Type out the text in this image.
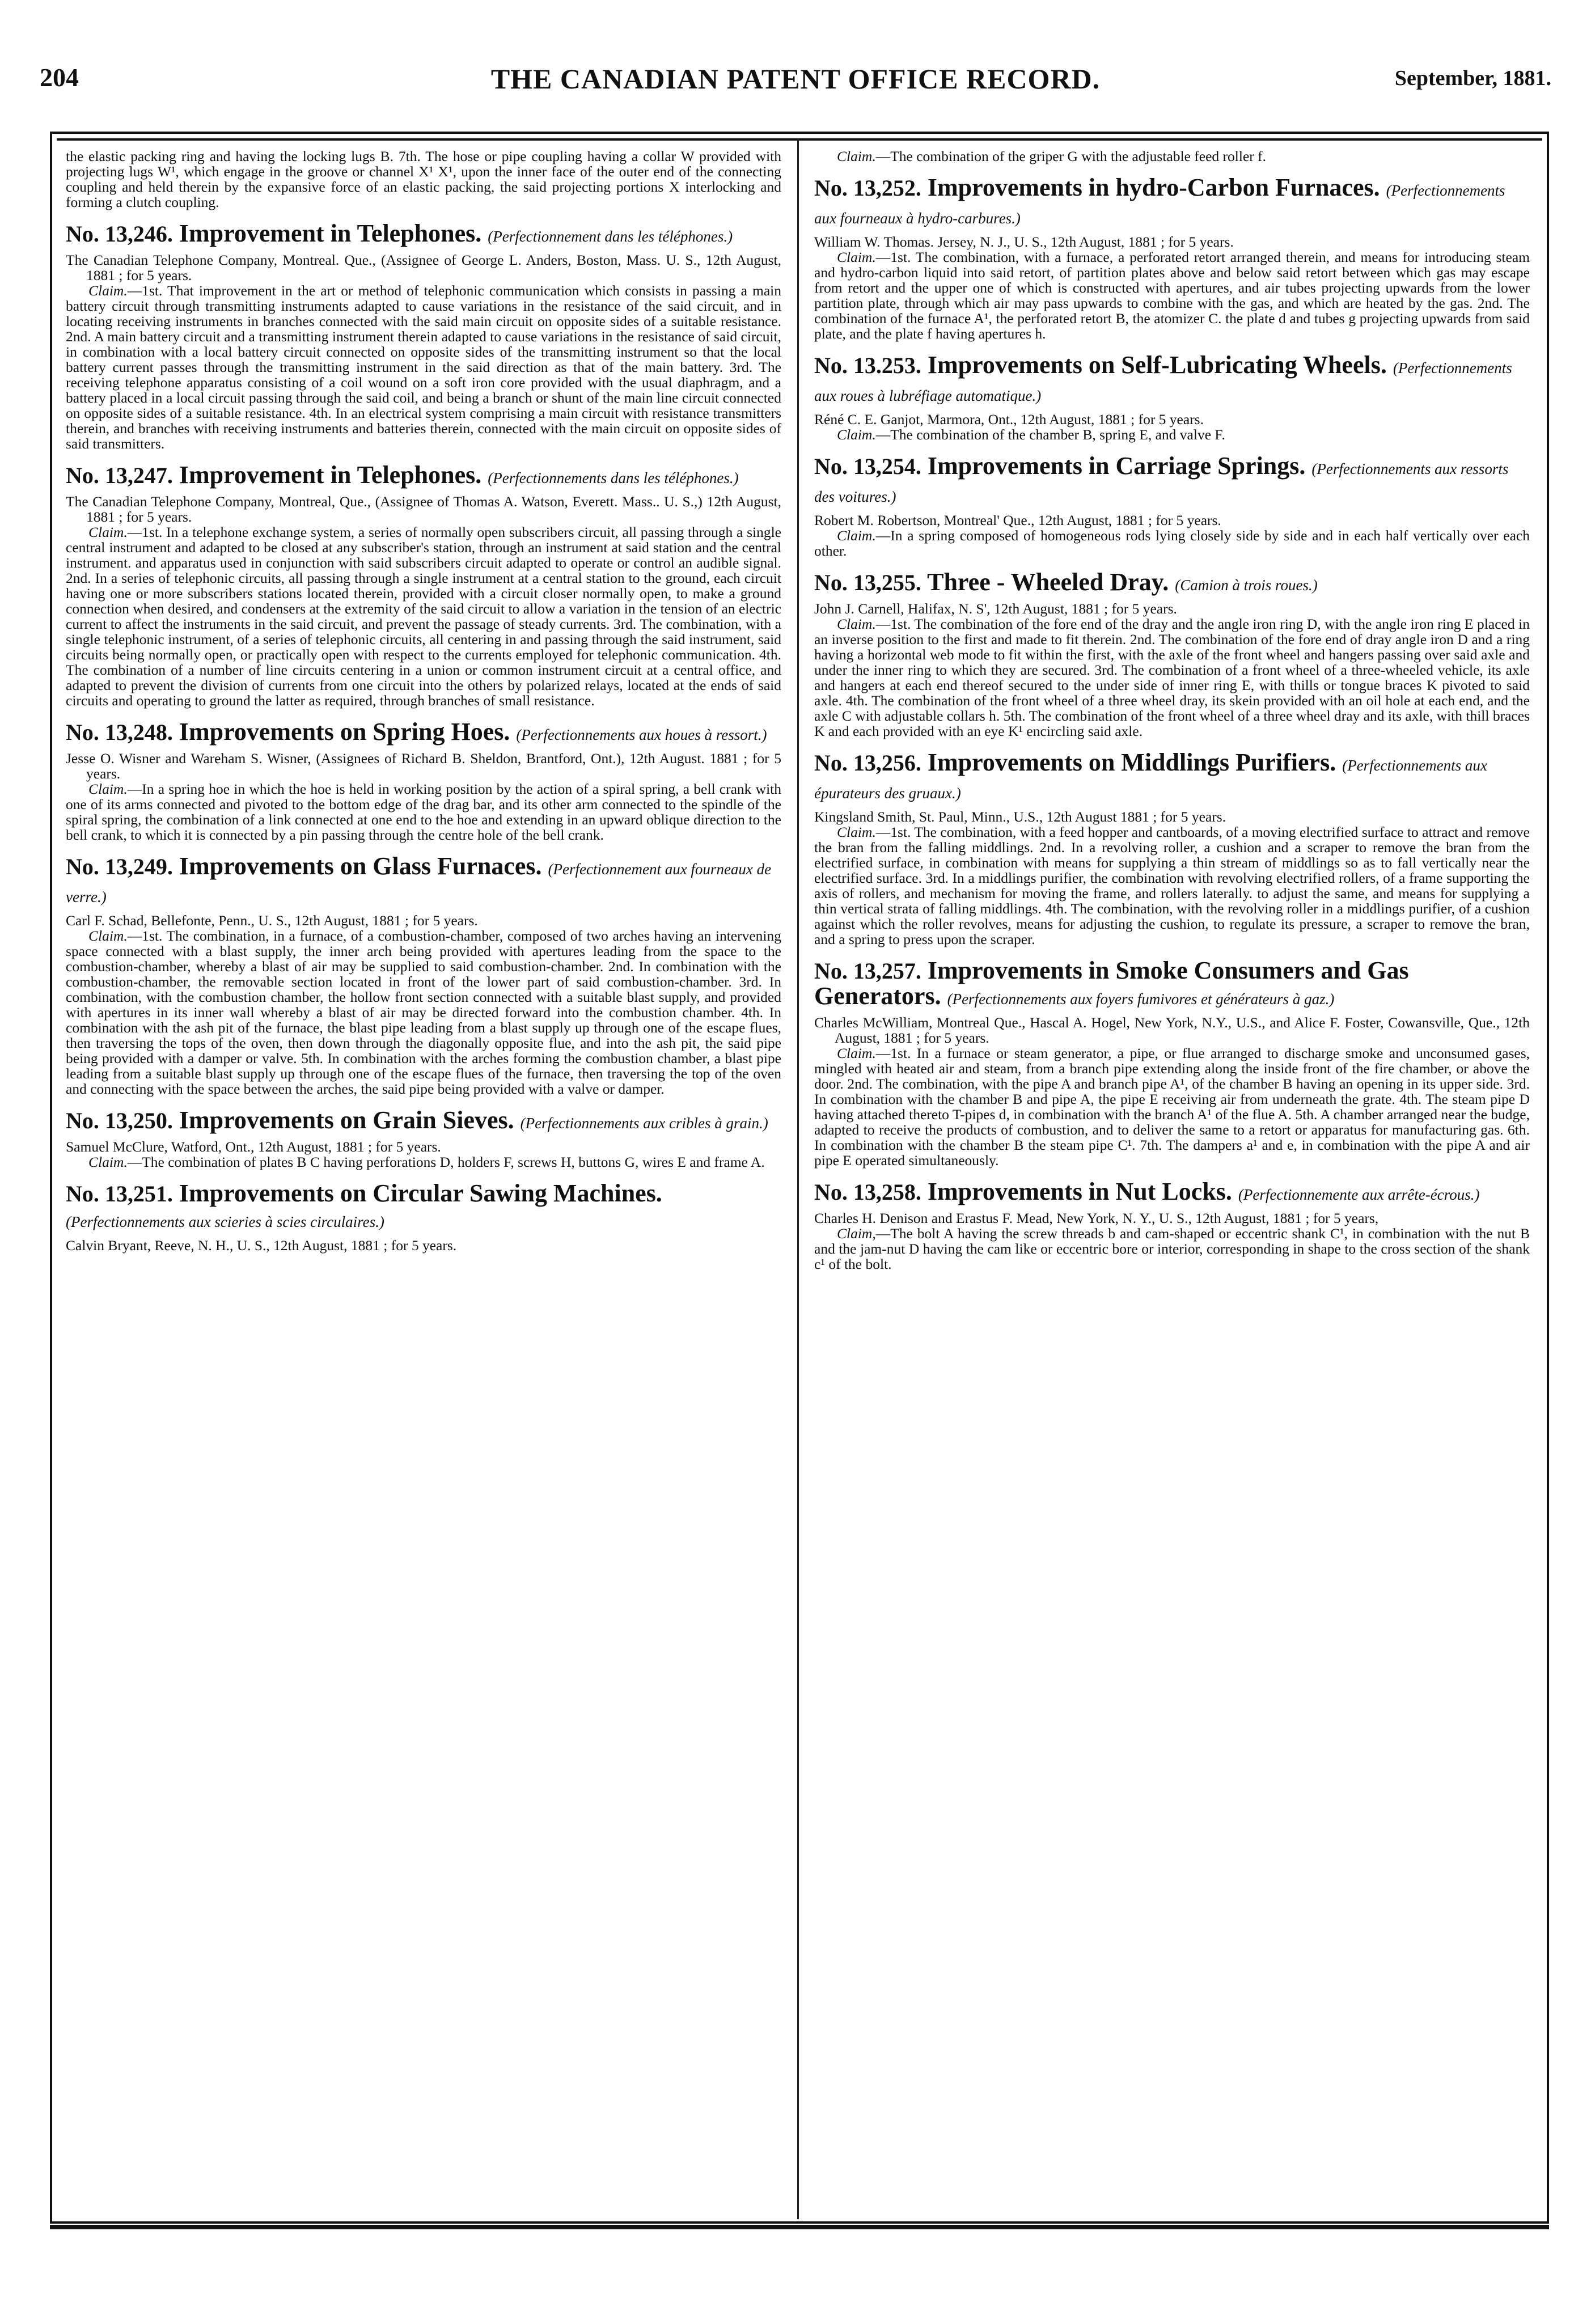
204	THE CANADIAN PATENT OFFICE RECORD.	September, 1881.

the elastic packing ring and having the locking lugs B. 7th. The hose or pipe coupling having a collar W provided with projecting lugs W¹, which engage in the groove or channel X¹ X¹, upon the inner face of the outer end of the connecting coupling and held therein by the expansive force of an elastic packing, the said projecting portions X interlocking and forming a clutch coupling.

No. 13,246. Improvement in Telephones. (Perfectionnement dans les téléphones.)

The Canadian Telephone Company, Montreal. Que., (Assignee of George L. Anders, Boston, Mass. U. S., 12th August, 1881 ; for 5 years.

Claim.—1st. That improvement in the art or method of telephonic communication which consists in passing a main battery circuit through transmitting instruments adapted to cause variations in the resistance of the said circuit, and in locating receiving instruments in branches connected with the said main circuit on opposite sides of a suitable resistance. 2nd. A main battery circuit and a transmitting instrument therein adapted to cause variations in the resistance of said circuit, in combination with a local battery circuit connected on opposite sides of the transmitting instrument so that the local battery current passes through the transmitting instrument in the said direction as that of the main battery. 3rd. The receiving telephone apparatus consisting of a coil wound on a soft iron core provided with the usual diaphragm, and a battery placed in a local circuit passing through the said coil, and being a branch or shunt of the main line circuit connected on opposite sides of a suitable resistance. 4th. In an electrical system comprising a main circuit with resistance transmitters therein, and branches with receiving instruments and batteries therein, connected with the main circuit on opposite sides of said transmitters.

No. 13,247. Improvement in Telephones. (Perfectionnements dans les téléphones.)

The Canadian Telephone Company, Montreal, Que., (Assignee of Thomas A. Watson, Everett. Mass.. U. S.,) 12th August, 1881 ; for 5 years.

Claim.—1st. In a telephone exchange system, a series of normally open subscribers circuit, all passing through a single central instrument and adapted to be closed at any subscriber's station, through an instrument at said station and the central instrument. and apparatus used in conjunction with said subscribers circuit adapted to operate or control an audible signal. 2nd. In a series of telephonic circuits, all passing through a single instrument at a central station to the ground, each circuit having one or more subscribers stations located therein, provided with a circuit closer normally open, to make a ground connection when desired, and condensers at the extremity of the said circuit to allow a variation in the tension of an electric current to affect the instruments in the said circuit, and prevent the passage of steady currents. 3rd. The combination, with a single telephonic instrument, of a series of telephonic circuits, all centering in and passing through the said instrument, said circuits being normally open, or practically open with respect to the currents employed for telephonic communication. 4th. The combination of a number of line circuits centering in a union or common instrument circuit at a central office, and adapted to prevent the division of currents from one circuit into the others by polarized relays, located at the ends of said circuits and operating to ground the latter as required, through branches of small resistance.

No. 13,248. Improvements on Spring Hoes. (Perfectionnements aux houes à ressort.)

Jesse O. Wisner and Wareham S. Wisner, (Assignees of Richard B. Sheldon, Brantford, Ont.), 12th August. 1881 ; for 5 years.

Claim.—In a spring hoe in which the hoe is held in working position by the action of a spiral spring, a bell crank with one of its arms connected and pivoted to the bottom edge of the drag bar, and its other arm connected to the spindle of the spiral spring, the combination of a link connected at one end to the hoe and extending in an upward oblique direction to the bell crank, to which it is connected by a pin passing through the centre hole of the bell crank.

No. 13,249. Improvements on Glass Furnaces. (Perfectionnement aux fourneaux de verre.)

Carl F. Schad, Bellefonte, Penn., U. S., 12th August, 1881 ; for 5 years.

Claim.—1st. The combination, in a furnace, of a combustion-chamber, composed of two arches having an intervening space connected with a blast supply, the inner arch being provided with apertures leading from the space to the combustion-chamber, whereby a blast of air may be supplied to said combustion-chamber. 2nd. In combination with the combustion-chamber, the removable section located in front of the lower part of said combustion-chamber. 3rd. In combination, with the combustion chamber, the hollow front section connected with a suitable blast supply, and provided with apertures in its inner wall whereby a blast of air may be directed forward into the combustion chamber. 4th. In combination with the ash pit of the furnace, the blast pipe leading from a blast supply up through one of the escape flues, then traversing the tops of the oven, then down through the diagonally opposite flue, and into the ash pit, the said pipe being provided with a damper or valve. 5th. In combination with the arches forming the combustion chamber, a blast pipe leading from a suitable blast supply up through one of the escape flues of the furnace, then traversing the top of the oven and connecting with the space between the arches, the said pipe being provided with a valve or damper.

No. 13,250. Improvements on Grain Sieves. (Perfectionnements aux cribles à grain.)

Samuel McClure, Watford, Ont., 12th August, 1881 ; for 5 years.

Claim.—The combination of plates B C having perforations D, holders F, screws H, buttons G, wires E and frame A.

No. 13,251. Improvements on Circular Sawing Machines. (Perfectionnements aux scieries à scies circulaires.)

Calvin Bryant, Reeve, N. H., U. S., 12th August, 1881 ; for 5 years.

Claim.—The combination of the griper G with the adjustable feed roller f.

No. 13,252. Improvements in hydro-Carbon Furnaces. (Perfectionnements aux fourneaux à hydro-carbures.)

William W. Thomas. Jersey, N. J., U. S., 12th August, 1881 ; for 5 years.

Claim.—1st. The combination, with a furnace, a perforated retort arranged therein, and means for introducing steam and hydro-carbon liquid into said retort, of partition plates above and below said retort between which gas may escape from retort and the upper one of which is constructed with apertures, and air tubes projecting upwards from the lower partition plate, through which air may pass upwards to combine with the gas, and which are heated by the gas. 2nd. The combination of the furnace A¹, the perforated retort B, the atomizer C. the plate d and tubes g projecting upwards from said plate, and the plate f having apertures h.

No. 13.253. Improvements on Self-Lubricating Wheels. (Perfectionnements aux roues à lubréfiage automatique.)

Réné C. E. Ganjot, Marmora, Ont., 12th August, 1881 ; for 5 years.

Claim.—The combination of the chamber B, spring E, and valve F.

No. 13,254. Improvements in Carriage Springs. (Perfectionnements aux ressorts des voitures.)

Robert M. Robertson, Montreal' Que., 12th August, 1881 ; for 5 years.

Claim.—In a spring composed of homogeneous rods lying closely side by side and in each half vertically over each other.

No. 13,255. Three - Wheeled Dray. (Camion à trois roues.)

John J. Carnell, Halifax, N. S', 12th August, 1881 ; for 5 years.

Claim.—1st. The combination of the fore end of the dray and the angle iron ring D, with the angle iron ring E placed in an inverse position to the first and made to fit therein. 2nd. The combination of the fore end of dray angle iron D and a ring having a horizontal web mode to fit within the first, with the axle of the front wheel and hangers passing over said axle and under the inner ring to which they are secured. 3rd. The combination of a front wheel of a three-wheeled vehicle, its axle and hangers at each end thereof secured to the under side of inner ring E, with thills or tongue braces K pivoted to said axle. 4th. The combination of the front wheel of a three wheel dray, its skein provided with an oil hole at each end, and the axle C with adjustable collars h. 5th. The combination of the front wheel of a three wheel dray and its axle, with thill braces K and each provided with an eye K¹ encircling said axle.

No. 13,256. Improvements on Middlings Purifiers. (Perfectionnements aux épurateurs des gruaux.)

Kingsland Smith, St. Paul, Minn., U.S., 12th August 1881 ; for 5 years.

Claim.—1st. The combination, with a feed hopper and cantboards, of a moving electrified surface to attract and remove the bran from the falling middlings. 2nd. In a revolving roller, a cushion and a scraper to remove the bran from the electrified surface, in combination with means for supplying a thin stream of middlings so as to fall vertically near the electrified surface. 3rd. In a middlings purifier, the combination with revolving electrified rollers, of a frame supporting the axis of rollers, and mechanism for moving the frame, and rollers laterally. to adjust the same, and means for supplying a thin vertical strata of falling middlings. 4th. The combination, with the revolving roller in a middlings purifier, of a cushion against which the roller revolves, means for adjusting the cushion, to regulate its pressure, a scraper to remove the bran, and a spring to press upon the scraper.

No. 13,257. Improvements in Smoke Consumers and Gas Generators. (Perfectionnements aux foyers fumivores et générateurs à gaz.)

Charles McWilliam, Montreal Que., Hascal A. Hogel, New York, N.Y., U.S., and Alice F. Foster, Cowansville, Que., 12th August, 1881 ; for 5 years.

Claim.—1st. In a furnace or steam generator, a pipe, or flue arranged to discharge smoke and unconsumed gases, mingled with heated air and steam, from a branch pipe extending along the inside front of the fire chamber, or above the door. 2nd. The combination, with the pipe A and branch pipe A¹, of the chamber B having an opening in its upper side. 3rd. In combination with the chamber B and pipe A, the pipe E receiving air from underneath the grate. 4th. The steam pipe D having attached thereto T-pipes d, in combination with the branch A¹ of the flue A. 5th. A chamber arranged near the budge, adapted to receive the products of combustion, and to deliver the same to a retort or apparatus for manufacturing gas. 6th. In combination with the chamber B the steam pipe C¹. 7th. The dampers a¹ and e, in combination with the pipe A and air pipe E operated simultaneously.

No. 13,258. Improvements in Nut Locks. (Perfectionnemente aux arrête-écrous.)

Charles H. Denison and Erastus F. Mead, New York, N. Y., U. S., 12th August, 1881 ; for 5 years,

Claim,—The bolt A having the screw threads b and cam-shaped or eccentric shank C¹, in combination with the nut B and the jam-nut D having the cam like or eccentric bore or interior, corresponding in shape to the cross section of the shank c¹ of the bolt.
